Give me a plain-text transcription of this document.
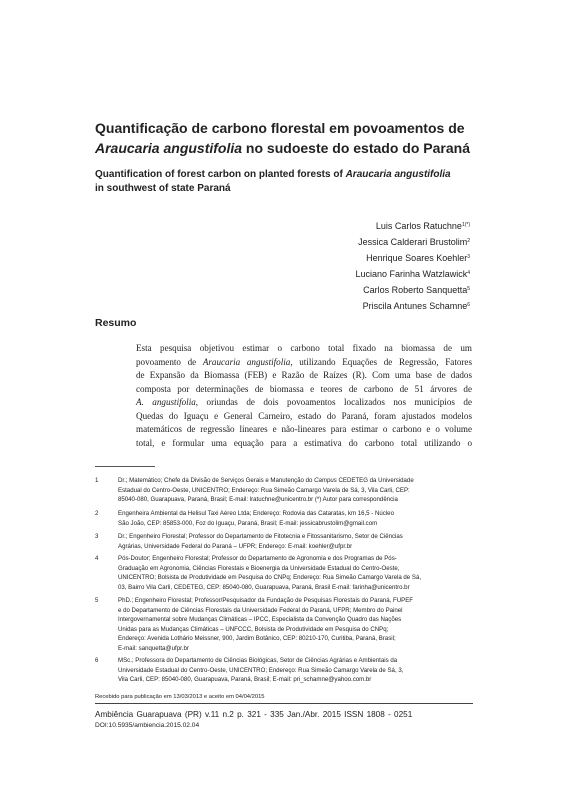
Quantificação de carbono florestal em povoamentos de
Araucaria angustifolia no sudoeste do estado do Paraná
Quantification of forest carbon on planted forests of Araucaria angustifolia
in southwest of state Paraná
Luis Carlos Ratuchne$^{1(*)}$
Jessica Calderari Brustolim$^2$
Henrique Soares Koehler$^3$
Luciano Farinha Watzlawick$^4$
Carlos Roberto Sanquetta$^5$
Priscila Antunes Schamne$^6$
Resumo
Esta pesquisa objetivou estimar o carbono total fixado na biomassa de um
povoamento de Araucaria angustifolia, utilizando Equações de Regressão, Fatores
de Expansão da Biomassa (FEB) e Razão de Raízes (R). Com uma base de dados
composta por determinações de biomassa e teores de carbono de 51 árvores de
A. angustifolia, oriundas de dois povoamentos localizados nos municípios de
Quedas do Iguaçu e General Carneiro, estado do Paraná, foram ajustados modelos
matemáticos de regressão lineares e não-lineares para estimar o carbono e o volume
total, e formular uma equação para a estimativa do carbono total utilizando o
1	Dr.; Matemático; Chefe da Divisão de Serviços Gerais e Manutenção do Campus CEDETEG da Universidade
Estadual do Centro-Oeste, UNICENTRO; Endereço: Rua Simeão Camargo Varela de Sá, 3, Vila Carli, CEP:
85040-080, Guarapuava, Paraná, Brasil; E-mail: lratuchne@unicentro.br (*) Autor para correspondência
2	Engenheira Ambiental da Helisul Taxi Aéreo Ltda; Endereço: Rodovia das Cataratas, km 16,5 - Núcleo
São João, CEP: 85853-000, Foz do Iguaçu, Paraná, Brasil; E-mail: jessicabrustolim@gmail.com
3	Dr.; Engenheiro Florestal; Professor do Departamento de Fitotecnia e Fitossanitarismo, Setor de Ciências
Agrárias, Universidade Federal do Paraná – UFPR; Endereço: E-mail: koehler@ufpr.br
4	Pós-Doutor; Engenheiro Florestal; Professor do Departamento de Agronomia e dos Programas de Pós-
Graduação em Agronomia, Ciências Florestais e Bioenergia da Universidade Estadual do Centro-Oeste,
UNICENTRO; Bolsista de Produtividade em Pesquisa do CNPq; Endereço: Rua Simeão Camargo Varela de Sá,
03, Bairro Vila Carli, CEDETEG, CEP: 85040-080, Guarapuava, Paraná, Brasil E-mail: farinha@unicentro.br
5	PhD.; Engenheiro Florestal; Professor/Pesquisador da Fundação de Pesquisas Florestais do Paraná, FUPEF
e do Departamento de Ciências Florestais da Universidade Federal do Paraná, UFPR; Membro do Painel
Intergovernamental sobre Mudanças Climáticas – IPCC, Especialista da Convenção Quadro das Nações
Unidas para as Mudanças Climáticas – UNFCCC, Bolsista de Produtividade em Pesquisa do CNPq;
Endereço: Avenida Lothário Meissner, 900, Jardim Botânico, CEP: 80210-170, Curitiba, Paraná, Brasil;
E-mail: sanquetta@ufpr.br
6	MSc.; Professora do Departamento de Ciências Biológicas, Setor de Ciências Agrárias e Ambientais da
Universidade Estadual do Centro-Oeste, UNICENTRO; Endereço: Rua Simeão Camargo Varela de Sá, 3,
Vila Carli, CEP: 85040-080, Guarapuava, Paraná, Brasil; E-mail: pri_schamne@yahoo.com.br
Recebido para publicação em 13/03/2013 e aceito em 04/04/2015
Ambiência Guarapuava (PR) v.11 n.2 p. 321 - 335 Jan./Abr. 2015 ISSN 1808 - 0251
DOI:10.5935/ambiencia.2015.02.04
